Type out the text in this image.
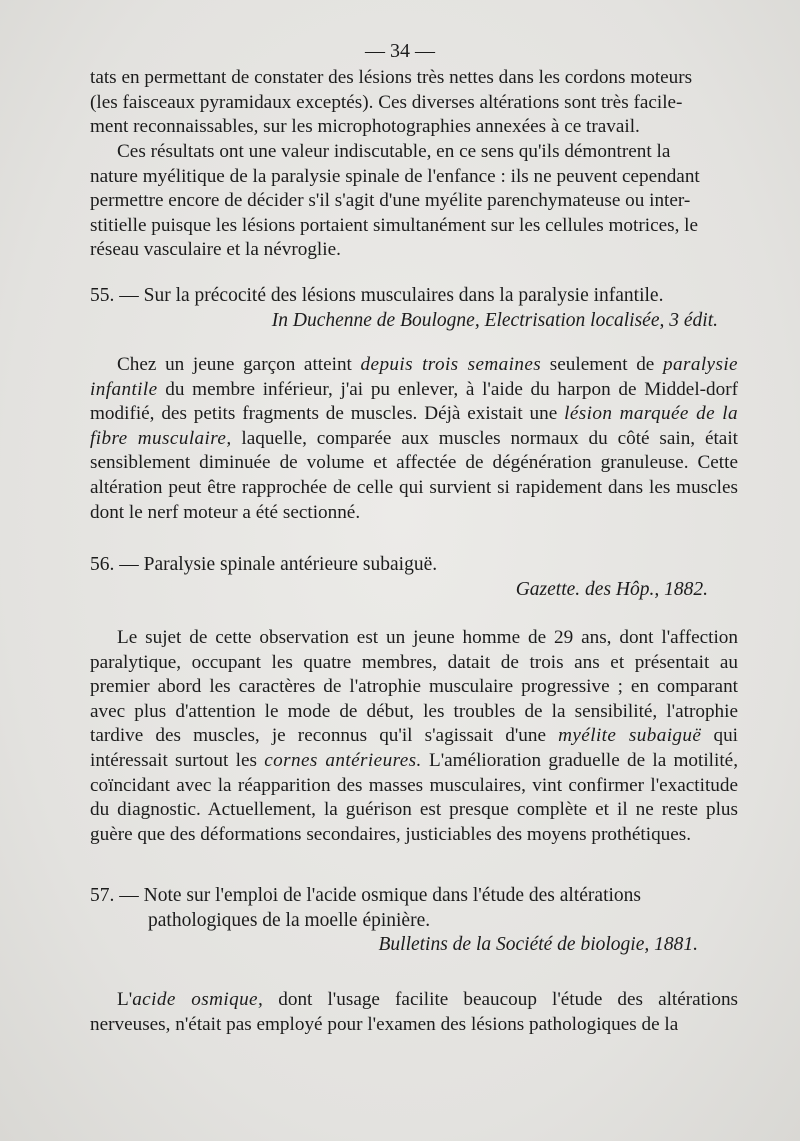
— 34 —

tats en permettant de constater des lésions très nettes dans les cordons moteurs

(les faisceaux pyramidaux exceptés). Ces diverses altérations sont très facile-

ment reconnaissables, sur les microphotographies annexées à ce travail.

Ces résultats ont une valeur indiscutable, en ce sens qu'ils démontrent la

nature myélitique de la paralysie spinale de l'enfance : ils ne peuvent cependant

permettre encore de décider s'il s'agit d'une myélite parenchymateuse ou inter-

stitielle puisque les lésions portaient simultanément sur les cellules motrices, le

réseau vasculaire et la névroglie.

55. — Sur la précocité des lésions musculaires dans la paralysie infantile.

In Duchenne de Boulogne, Electrisation localisée, 3 édit.

Chez un jeune garçon atteint depuis trois semaines seulement de paralysie infantile du membre inférieur, j'ai pu enlever, à l'aide du harpon de Middel-dorf modifié, des petits fragments de muscles. Déjà existait une lésion marquée de la fibre musculaire, laquelle, comparée aux muscles normaux du côté sain, était sensiblement diminuée de volume et affectée de dégénération granuleuse. Cette altération peut être rapprochée de celle qui survient si rapidement dans les muscles dont le nerf moteur a été sectionné.

56. — Paralysie spinale antérieure subaiguë.

Gazette. des Hôp., 1882.

Le sujet de cette observation est un jeune homme de 29 ans, dont l'affection paralytique, occupant les quatre membres, datait de trois ans et présentait au premier abord les caractères de l'atrophie musculaire progressive ; en comparant avec plus d'attention le mode de début, les troubles de la sensibilité, l'atrophie tardive des muscles, je reconnus qu'il s'agissait d'une myélite subaiguë qui intéressait surtout les cornes antérieures. L'amélioration graduelle de la motilité, coïncidant avec la réapparition des masses musculaires, vint confirmer l'exactitude du diagnostic. Actuellement, la guérison est presque complète et il ne reste plus guère que des déformations secondaires, justiciables des moyens prothétiques.

57. — Note sur l'emploi de l'acide osmique dans l'étude des altérations

pathologiques de la moelle épinière.

Bulletins de la Société de biologie, 1881.

L'acide osmique, dont l'usage facilite beaucoup l'étude des altérations nerveuses, n'était pas employé pour l'examen des lésions pathologiques de la
